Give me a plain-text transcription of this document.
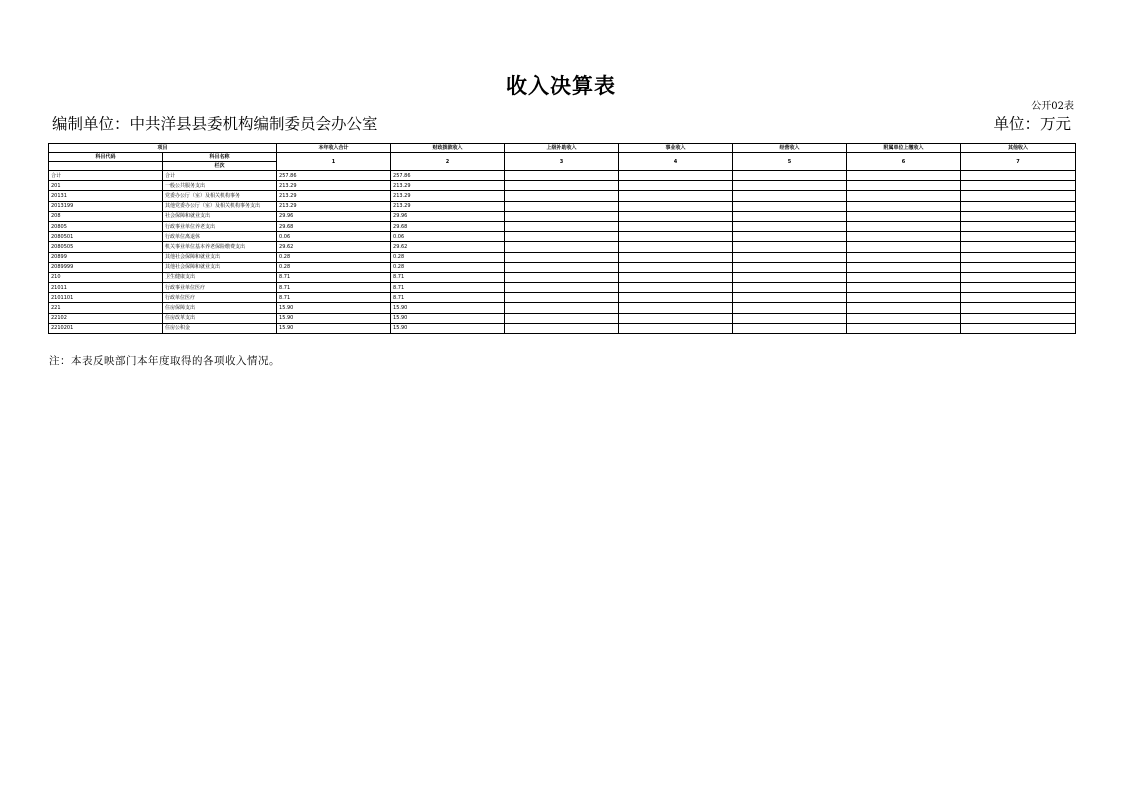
收入决算表
公开02表
编制单位：中共洋县县委机构编制委员会办公室	单位：万元
项目		本年收入合计	财政拨款收入	上级补助收入	事业收入	经营收入	附属单位上缴收入	其他收入
科目代码	科目名称	1	2	3	4	5	6	7
	栏次							
合计	合计	257.86	257.86					
201	一般公共服务支出	213.29	213.29					
20131	党委办公厅（室）及相关机构事务	213.29	213.29					
2013199	其他党委办公厅（室）及相关机构事务支出	213.29	213.29					
208	社会保障和就业支出	29.96	29.96					
20805	行政事业单位养老支出	29.68	29.68					
2080501	行政单位离退休	0.06	0.06					
2080505	机关事业单位基本养老保险缴费支出	29.62	29.62					
20899	其他社会保障和就业支出	0.28	0.28					
2089999	其他社会保障和就业支出	0.28	0.28					
210	卫生健康支出	8.71	8.71					
21011	行政事业单位医疗	8.71	8.71					
2101101	行政单位医疗	8.71	8.71					
221	住房保障支出	15.90	15.90					
22102	住房改革支出	15.90	15.90					
2210201	住房公积金	15.90	15.90					
注：本表反映部门本年度取得的各项收入情况。
